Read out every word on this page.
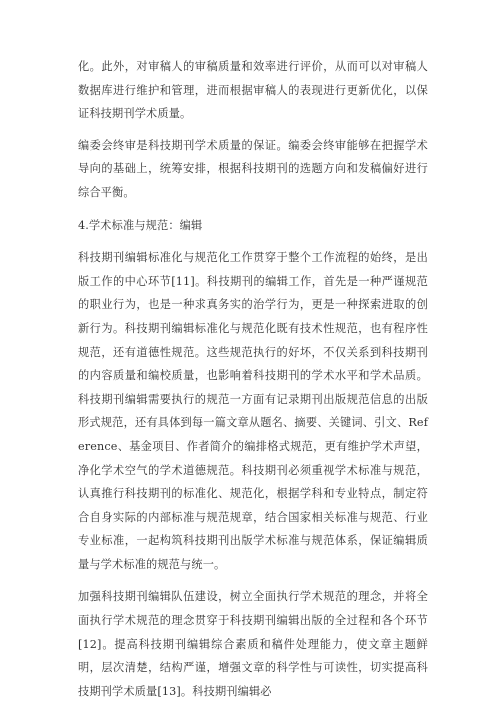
化。此外，对审稿人的审稿质量和效率进行评价，从而可以对审稿人数据库进行维护和管理，进而根据审稿人的表现进行更新优化，以保证科技期刊学术质量。

编委会终审是科技期刊学术质量的保证。编委会终审能够在把握学术导向的基础上，统筹安排，根据科技期刊的选题方向和发稿偏好进行综合平衡。

4.学术标准与规范：编辑

科技期刊编辑标准化与规范化工作贯穿于整个工作流程的始终，是出版工作的中心环节[11]。科技期刊的编辑工作，首先是一种严谨规范的职业行为，也是一种求真务实的治学行为，更是一种探索进取的创新行为。科技期刊编辑标准化与规范化既有技术性规范，也有程序性规范，还有道德性规范。这些规范执行的好坏，不仅关系到科技期刊的内容质量和编校质量，也影响着科技期刊的学术水平和学术品质。科技期刊编辑需要执行的规范一方面有记录期刊出版规范信息的出版形式规范，还有具体到每一篇文章从题名、摘要、关键词、引文、Reference、基金项目、作者简介的编排格式规范，更有维护学术声望，净化学术空气的学术道德规范。科技期刊必须重视学术标准与规范，认真推行科技期刊的标准化、规范化，根据学科和专业特点，制定符合自身实际的内部标准与规范规章，结合国家相关标准与规范、行业专业标准，一起构筑科技期刊出版学术标准与规范体系，保证编辑质量与学术标准的规范与统一。

加强科技期刊编辑队伍建设，树立全面执行学术规范的理念，并将全面执行学术规范的理念贯穿于科技期刊编辑出版的全过程和各个环节[12]。提高科技期刊编辑综合素质和稿件处理能力，使文章主题鲜明，层次清楚，结构严谨，增强文章的科学性与可读性，切实提高科技期刊学术质量[13]。科技期刊编辑必
